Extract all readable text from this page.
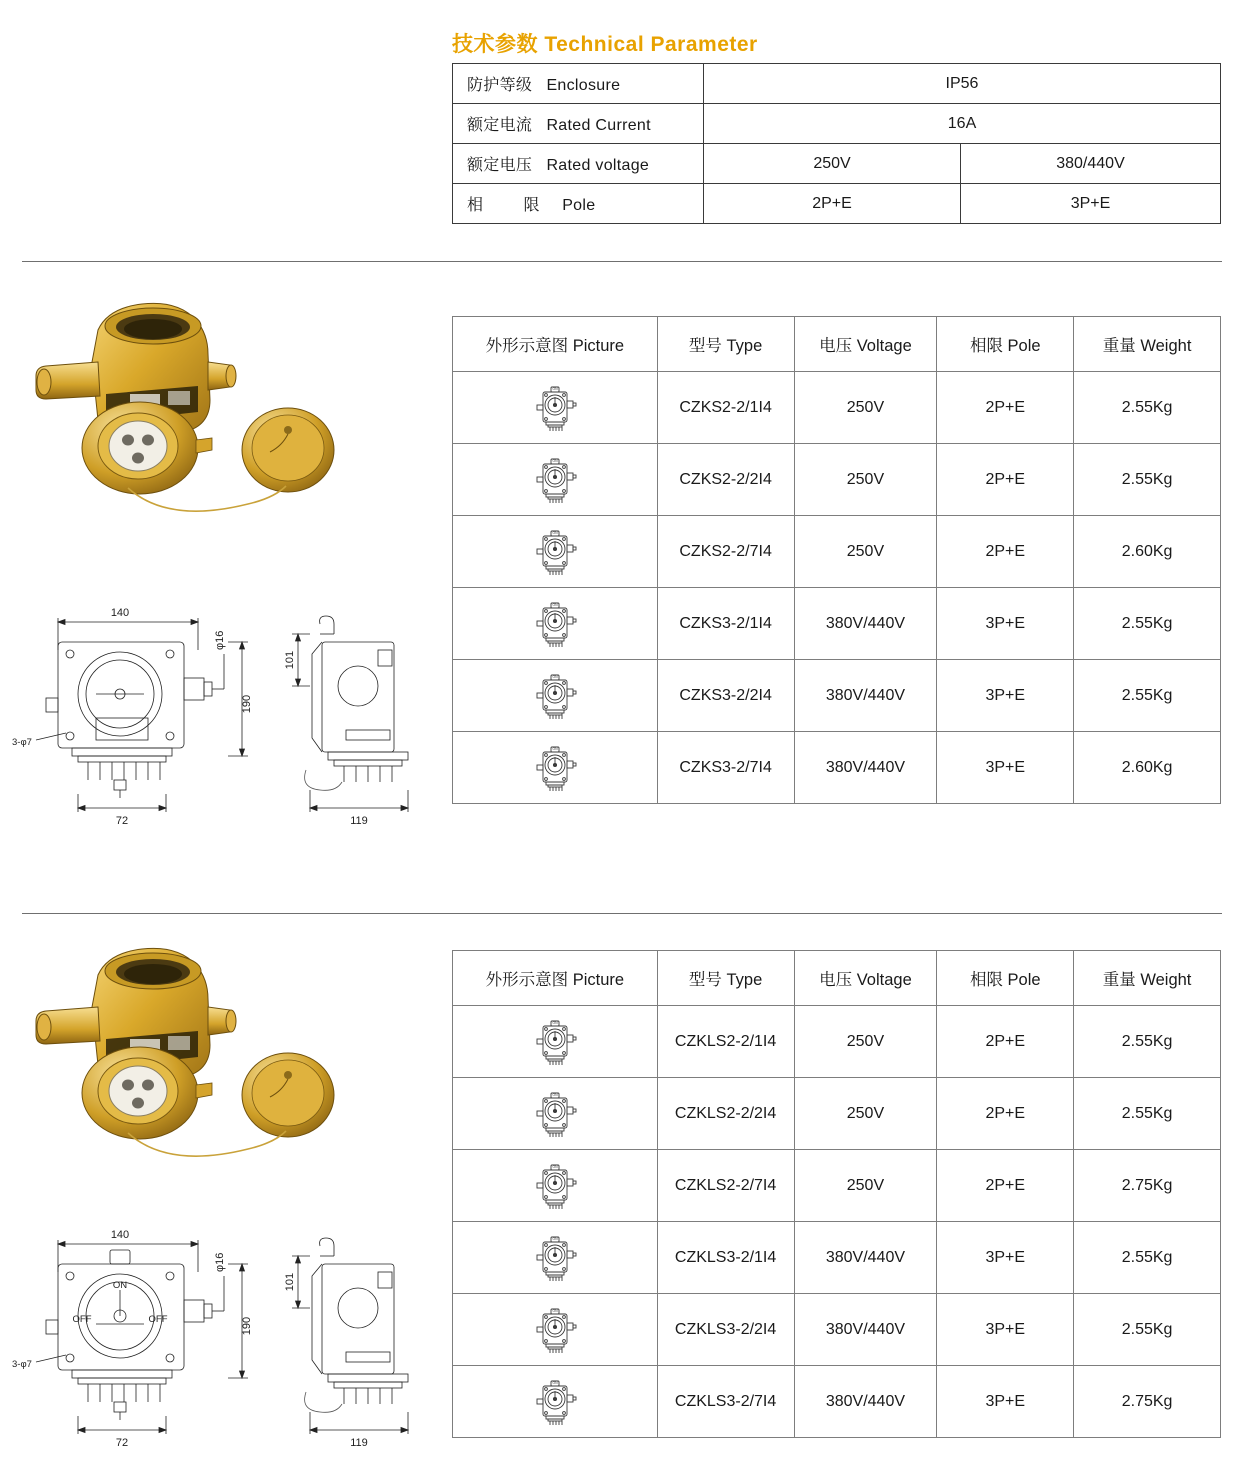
技术参数 Technical Parameter
防护等级 Enclosure	IP56	
额定电流 Rated Current	16A	
额定电压 Rated voltage	250V	380/440V
相 限 Pole	2P+E	3P+E
140
72
190
φ16
3-φ7
101
119
140
72
190
φ16
3-φ7
ON
OFF	OFF
101
119
外形示意图 Picture	型号 Type	电压 Voltage	相限 Pole	重量 Weight

ON	CZKS2-2/1I4	250V	2P+E	2.55Kg

ON	CZKS2-2/2I4	250V	2P+E	2.55Kg

ON	CZKS2-2/7I4	250V	2P+E	2.60Kg

ON	CZKS3-2/1I4	380V/440V	3P+E	2.55Kg

ON	CZKS3-2/2I4	380V/440V	3P+E	2.55Kg

ON	CZKS3-2/7I4	380V/440V	3P+E	2.60Kg
外形示意图 Picture	型号 Type	电压 Voltage	相限 Pole	重量 Weight

ON	CZKLS2-2/1I4	250V	2P+E	2.55Kg

ON	CZKLS2-2/2I4	250V	2P+E	2.55Kg

ON	CZKLS2-2/7I4	250V	2P+E	2.75Kg

ON	CZKLS3-2/1I4	380V/440V	3P+E	2.55Kg

ON	CZKLS3-2/2I4	380V/440V	3P+E	2.55Kg

ON	CZKLS3-2/7I4	380V/440V	3P+E	2.75Kg
